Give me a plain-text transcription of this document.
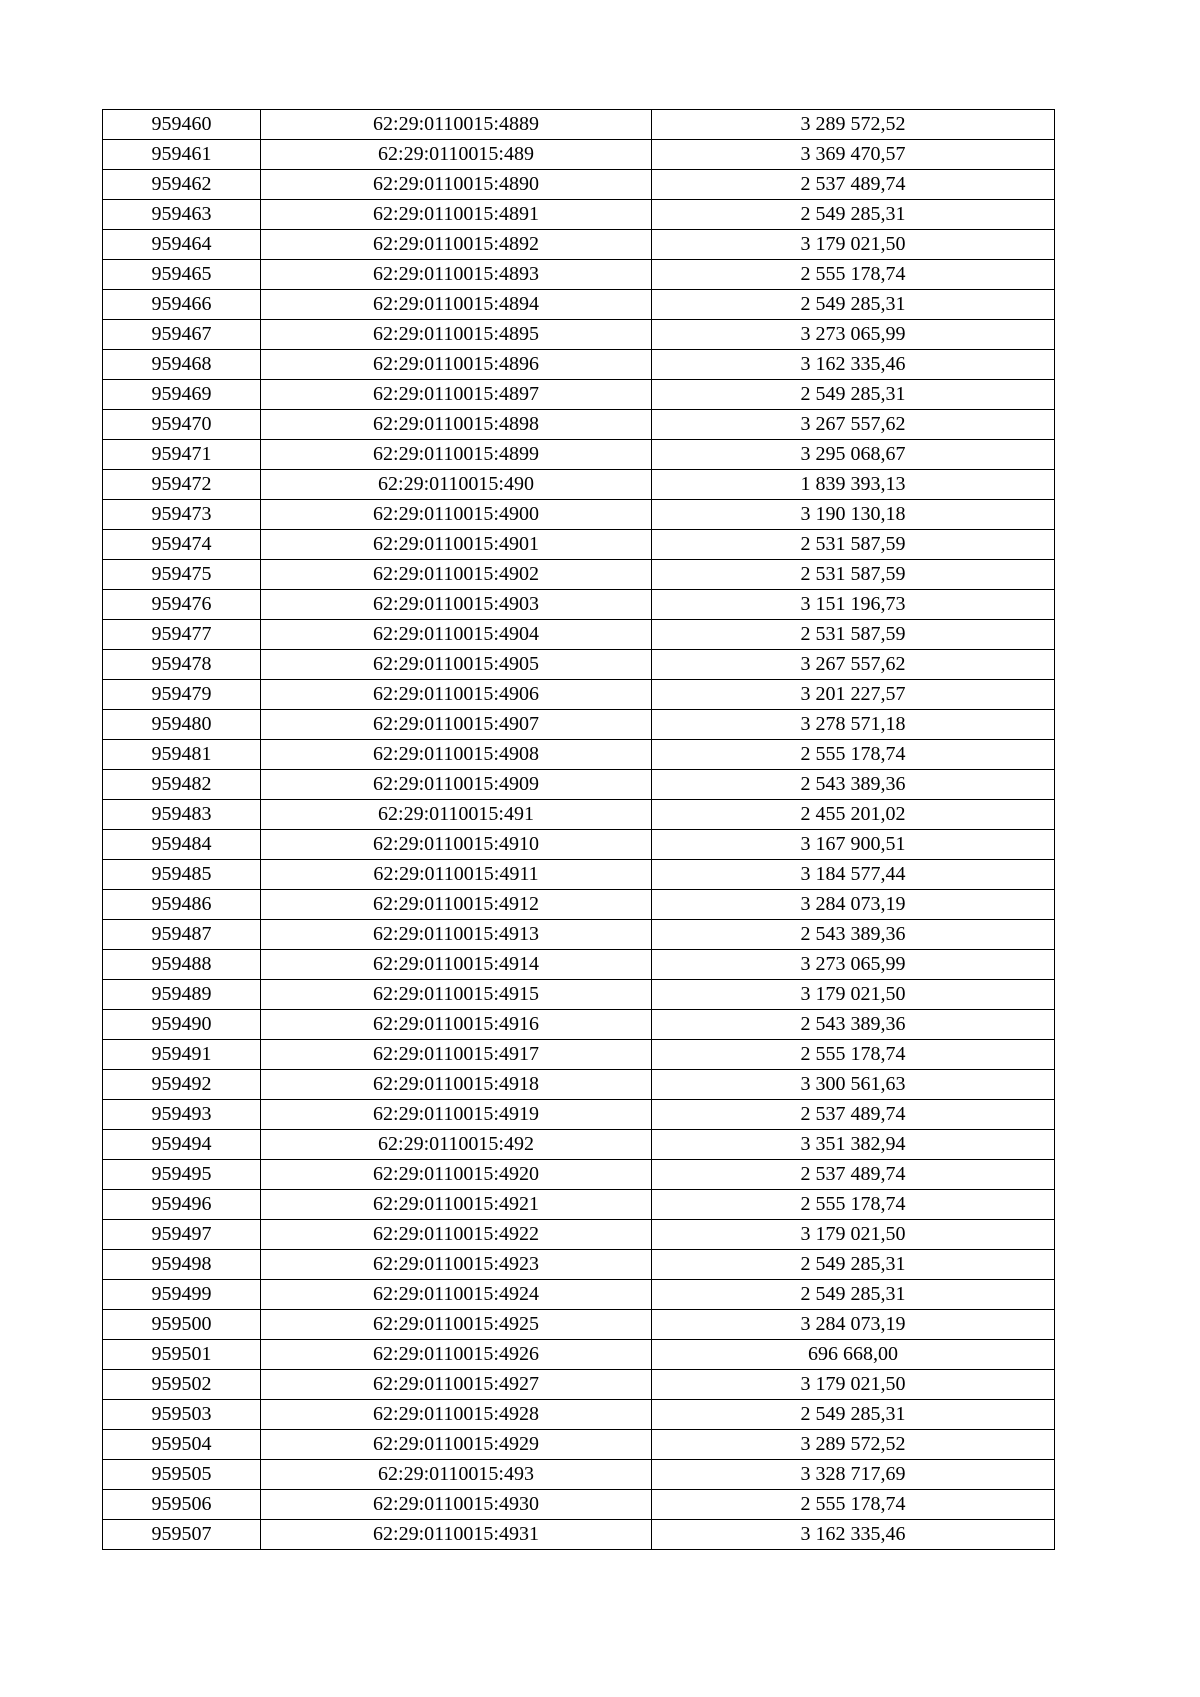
959460	62:29:0110015:4889	3 289 572,52
959461	62:29:0110015:489	3 369 470,57
959462	62:29:0110015:4890	2 537 489,74
959463	62:29:0110015:4891	2 549 285,31
959464	62:29:0110015:4892	3 179 021,50
959465	62:29:0110015:4893	2 555 178,74
959466	62:29:0110015:4894	2 549 285,31
959467	62:29:0110015:4895	3 273 065,99
959468	62:29:0110015:4896	3 162 335,46
959469	62:29:0110015:4897	2 549 285,31
959470	62:29:0110015:4898	3 267 557,62
959471	62:29:0110015:4899	3 295 068,67
959472	62:29:0110015:490	1 839 393,13
959473	62:29:0110015:4900	3 190 130,18
959474	62:29:0110015:4901	2 531 587,59
959475	62:29:0110015:4902	2 531 587,59
959476	62:29:0110015:4903	3 151 196,73
959477	62:29:0110015:4904	2 531 587,59
959478	62:29:0110015:4905	3 267 557,62
959479	62:29:0110015:4906	3 201 227,57
959480	62:29:0110015:4907	3 278 571,18
959481	62:29:0110015:4908	2 555 178,74
959482	62:29:0110015:4909	2 543 389,36
959483	62:29:0110015:491	2 455 201,02
959484	62:29:0110015:4910	3 167 900,51
959485	62:29:0110015:4911	3 184 577,44
959486	62:29:0110015:4912	3 284 073,19
959487	62:29:0110015:4913	2 543 389,36
959488	62:29:0110015:4914	3 273 065,99
959489	62:29:0110015:4915	3 179 021,50
959490	62:29:0110015:4916	2 543 389,36
959491	62:29:0110015:4917	2 555 178,74
959492	62:29:0110015:4918	3 300 561,63
959493	62:29:0110015:4919	2 537 489,74
959494	62:29:0110015:492	3 351 382,94
959495	62:29:0110015:4920	2 537 489,74
959496	62:29:0110015:4921	2 555 178,74
959497	62:29:0110015:4922	3 179 021,50
959498	62:29:0110015:4923	2 549 285,31
959499	62:29:0110015:4924	2 549 285,31
959500	62:29:0110015:4925	3 284 073,19
959501	62:29:0110015:4926	696 668,00
959502	62:29:0110015:4927	3 179 021,50
959503	62:29:0110015:4928	2 549 285,31
959504	62:29:0110015:4929	3 289 572,52
959505	62:29:0110015:493	3 328 717,69
959506	62:29:0110015:4930	2 555 178,74
959507	62:29:0110015:4931	3 162 335,46
